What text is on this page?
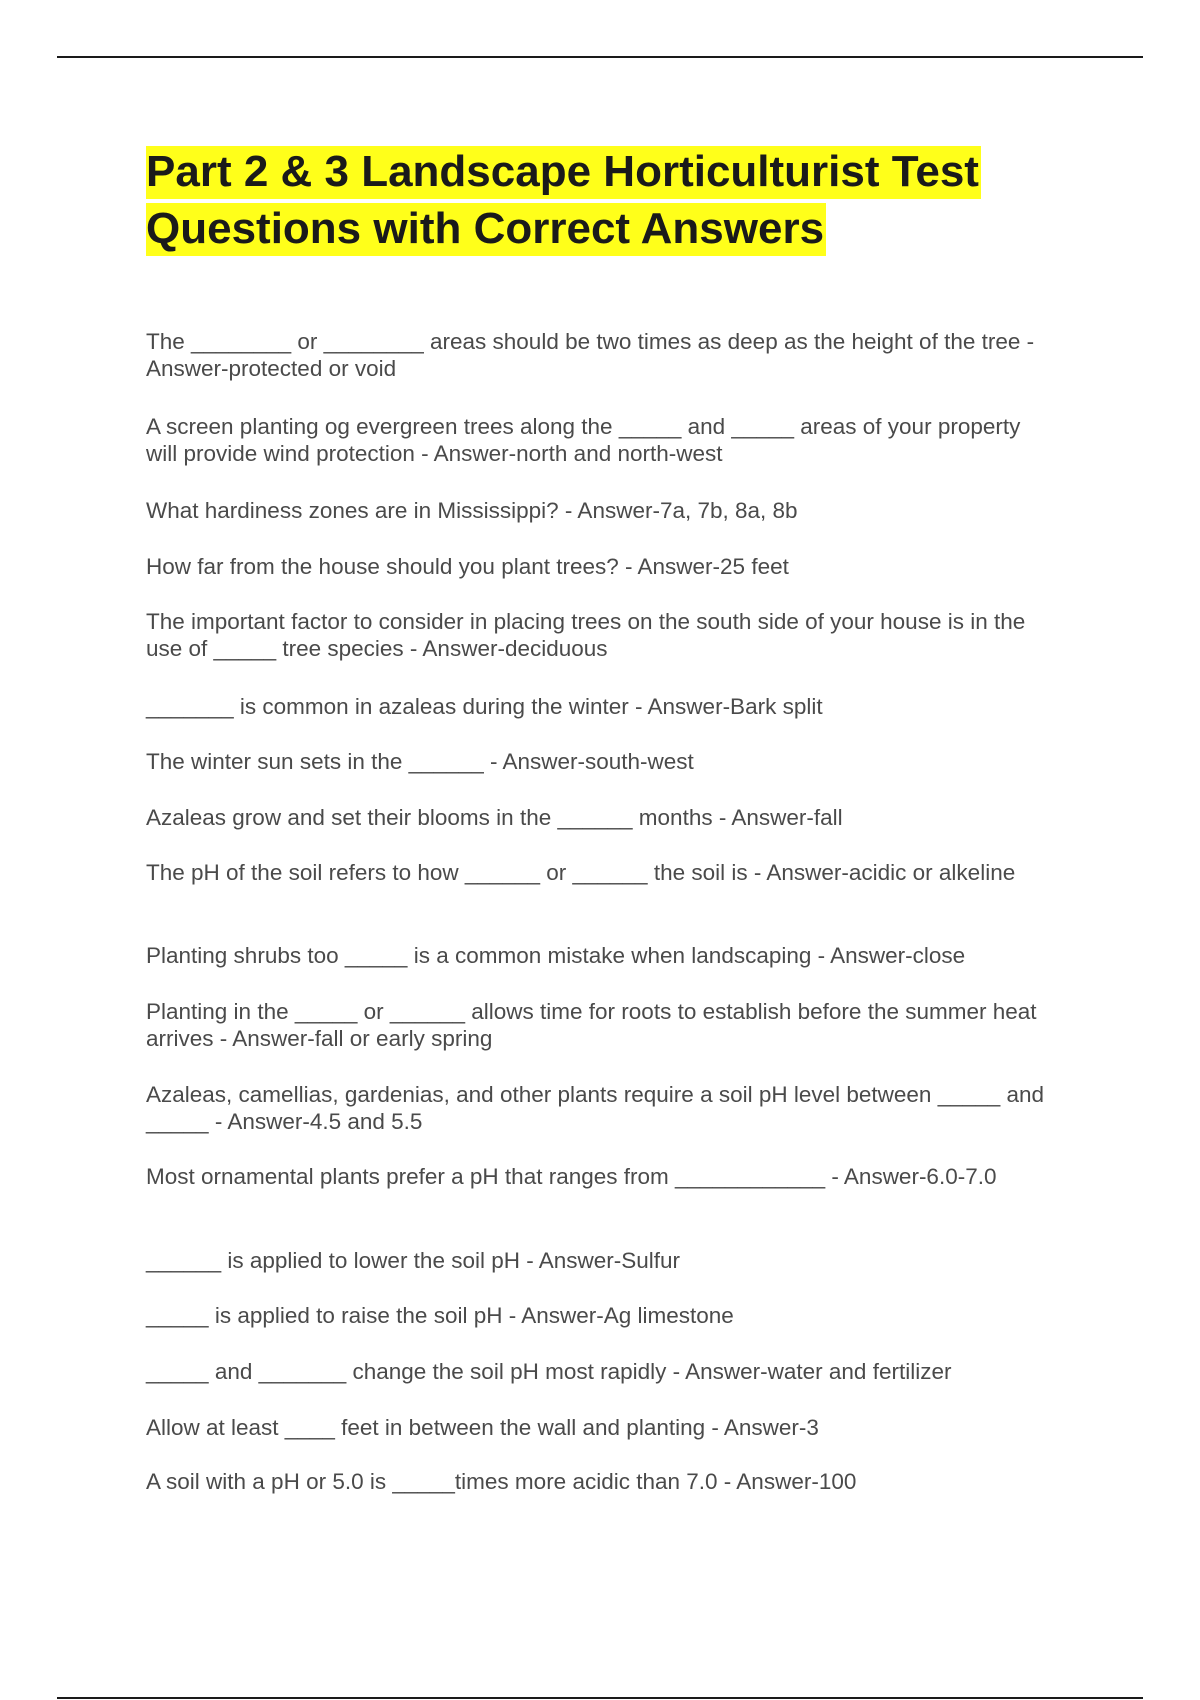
Part 2 & 3 Landscape Horticulturist Test Questions with Correct Answers
The ________ or ________ areas should be two times as deep as the height of the tree - Answer-protected or void
A screen planting og evergreen trees along the _____ and _____ areas of your property will provide wind protection - Answer-north and north-west
What hardiness zones are in Mississippi? - Answer-7a, 7b, 8a, 8b
How far from the house should you plant trees? - Answer-25 feet
The important factor to consider in placing trees on the south side of your house is in the use of _____ tree species - Answer-deciduous
_______ is common in azaleas during the winter - Answer-Bark split
The winter sun sets in the ______ - Answer-south-west
Azaleas grow and set their blooms in the ______ months - Answer-fall
The pH of the soil refers to how ______ or ______ the soil is - Answer-acidic or alkeline
Planting shrubs too _____ is a common mistake when landscaping - Answer-close
Planting in the _____ or ______ allows time for roots to establish before the summer heat arrives - Answer-fall or early spring
Azaleas, camellias, gardenias, and other plants require a soil pH level between _____ and _____ - Answer-4.5 and 5.5
Most ornamental plants prefer a pH that ranges from ____________ - Answer-6.0-7.0
______ is applied to lower the soil pH - Answer-Sulfur
_____ is applied to raise the soil pH - Answer-Ag limestone
_____ and _______ change the soil pH most rapidly - Answer-water and fertilizer
Allow at least ____ feet in between the wall and planting - Answer-3
A soil with a pH or 5.0 is _____times more acidic than 7.0 - Answer-100
